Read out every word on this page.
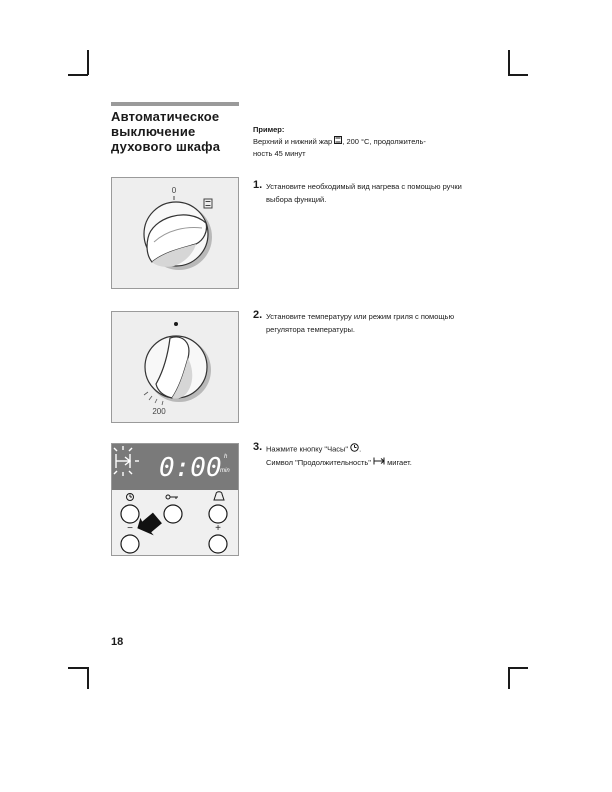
Автоматическое
выключение
духового шкафа
Пример:
Верхний и нижний жар , 200 °C, продолжитель-
ность 45 минут
0	1. Установите необходимый вид нагрева с помощью ручки выбора функций.
200
2. Установите температуру или режим гриля с помощью регулятора температуры.
0:00 h
min
−	+
3. Нажмите кнопку "Часы" .
Символ "Продолжительность" мигает.
18
